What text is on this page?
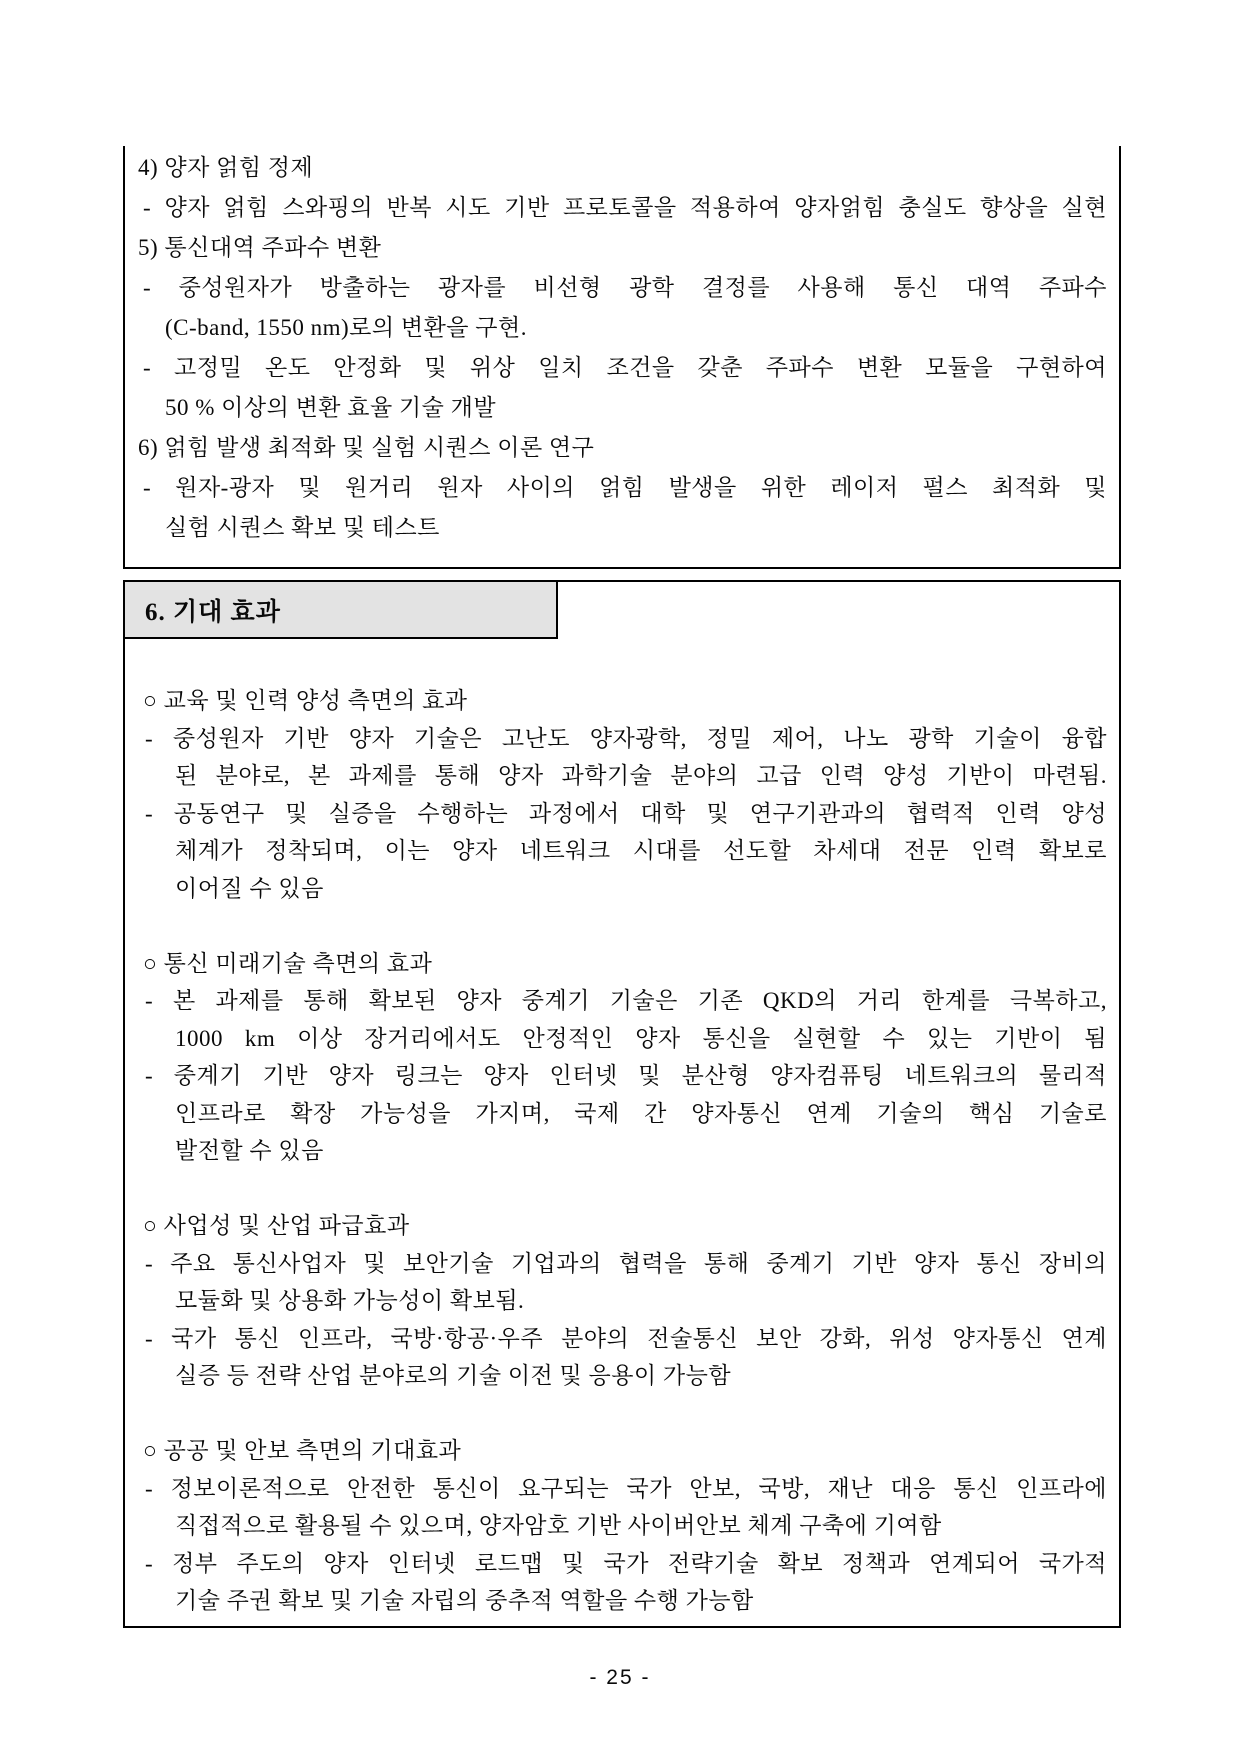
4) 양자 얽힘 정제
- 양자 얽힘 스와핑의 반복 시도 기반 프로토콜을 적용하여 양자얽힘 충실도 향상을 실현
5) 통신대역 주파수 변환
- 중성원자가 방출하는 광자를 비선형 광학 결정를 사용해 통신 대역 주파수
(C-band, 1550 nm)로의 변환을 구현.
- 고정밀 온도 안정화 및 위상 일치 조건을 갖춘 주파수 변환 모듈을 구현하여
50 % 이상의 변환 효율 기술 개발
6) 얽힘 발생 최적화 및 실험 시퀀스 이론 연구
- 원자-광자 및 원거리 원자 사이의 얽힘 발생을 위한 레이저 펄스 최적화 및
실험 시퀀스 확보 및 테스트
6. 기대 효과
○ 교육 및 인력 양성 측면의 효과
- 중성원자 기반 양자 기술은 고난도 양자광학, 정밀 제어, 나노 광학 기술이 융합
된 분야로, 본 과제를 통해 양자 과학기술 분야의 고급 인력 양성 기반이 마련됨.
- 공동연구 및 실증을 수행하는 과정에서 대학 및 연구기관과의 협력적 인력 양성
체계가 정착되며, 이는 양자 네트워크 시대를 선도할 차세대 전문 인력 확보로
이어질 수 있음
○ 통신 미래기술 측면의 효과
- 본 과제를 통해 확보된 양자 중계기 기술은 기존 QKD의 거리 한계를 극복하고,
1000 km 이상 장거리에서도 안정적인 양자 통신을 실현할 수 있는 기반이 됨
- 중계기 기반 양자 링크는 양자 인터넷 및 분산형 양자컴퓨팅 네트워크의 물리적
인프라로 확장 가능성을 가지며, 국제 간 양자통신 연계 기술의 핵심 기술로
발전할 수 있음
○ 사업성 및 산업 파급효과
- 주요 통신사업자 및 보안기술 기업과의 협력을 통해 중계기 기반 양자 통신 장비의
모듈화 및 상용화 가능성이 확보됨.
- 국가 통신 인프라, 국방·항공·우주 분야의 전술통신 보안 강화, 위성 양자통신 연계
실증 등 전략 산업 분야로의 기술 이전 및 응용이 가능함
○ 공공 및 안보 측면의 기대효과
- 정보이론적으로 안전한 통신이 요구되는 국가 안보, 국방, 재난 대응 통신 인프라에
직접적으로 활용될 수 있으며, 양자암호 기반 사이버안보 체계 구축에 기여함
- 정부 주도의 양자 인터넷 로드맵 및 국가 전략기술 확보 정책과 연계되어 국가적
기술 주권 확보 및 기술 자립의 중추적 역할을 수행 가능함
- 25 -
